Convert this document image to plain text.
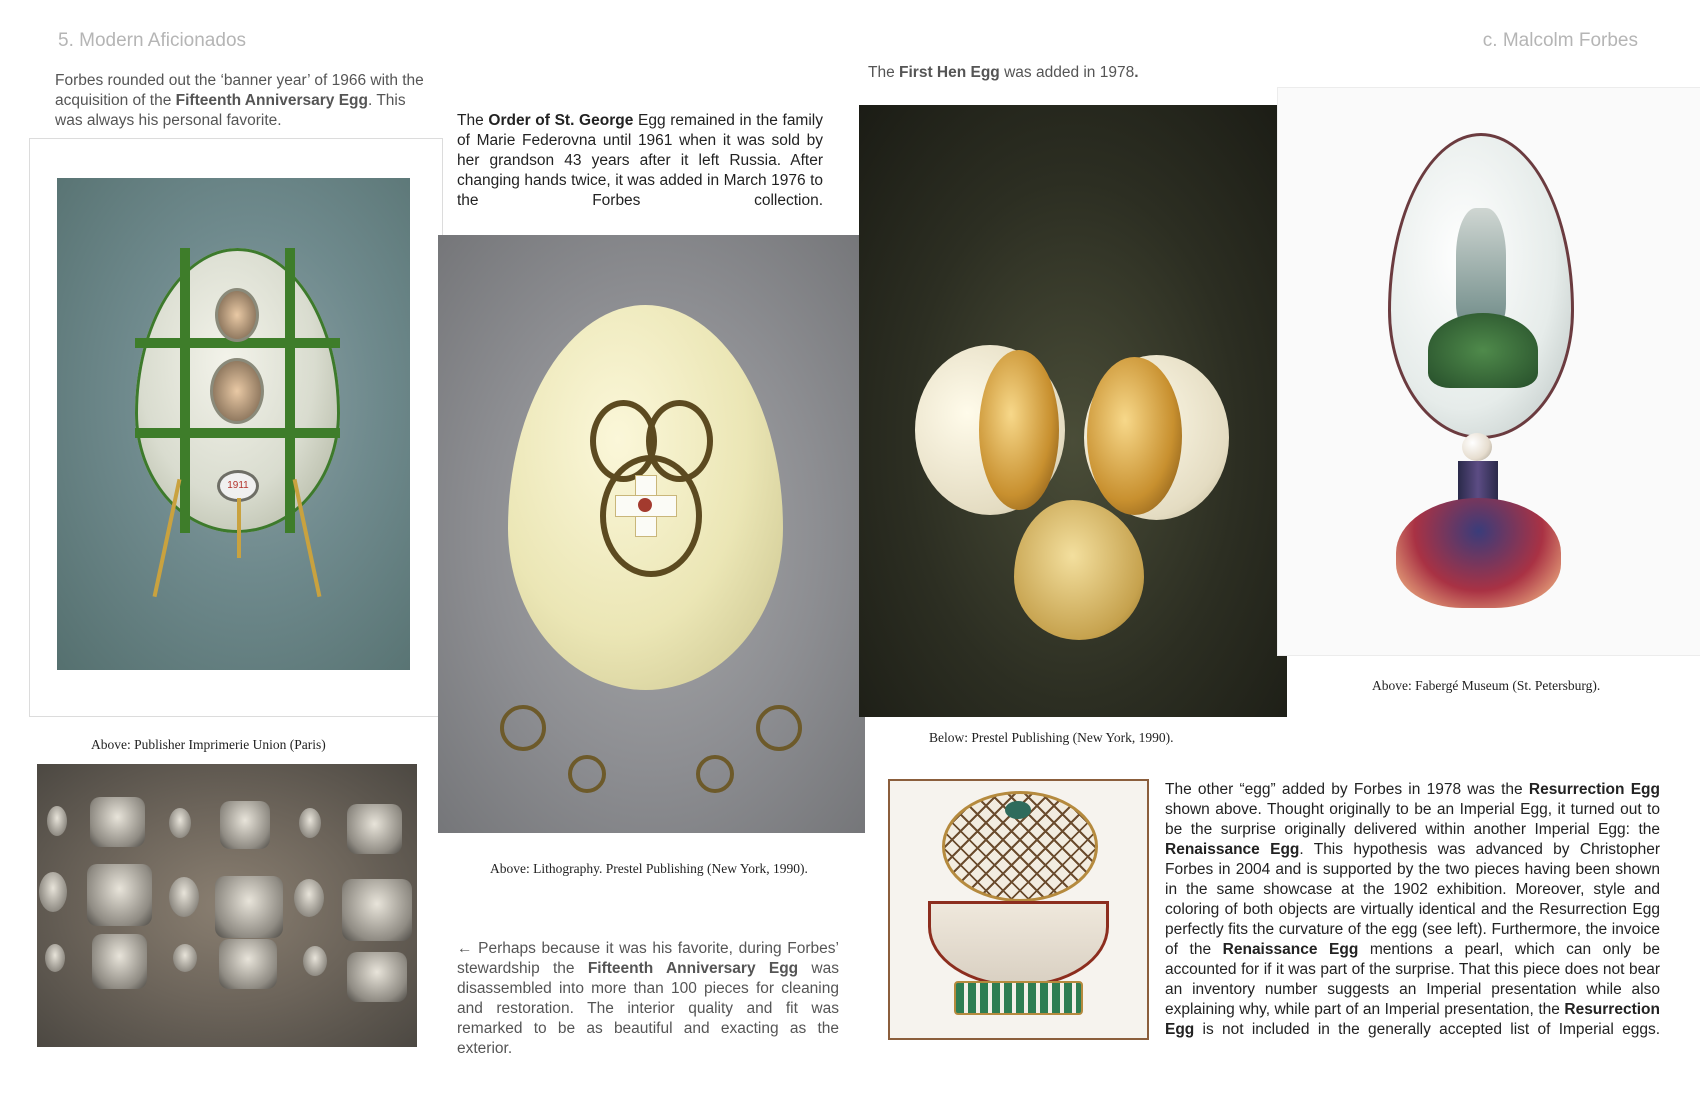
5. Modern Aficionados	c. Malcolm Forbes
Forbes rounded out the ‘banner year’ of 1966 with the acquisition of the Fifteenth Anniversary Egg. This was always his personal favorite.	The Order of St. George Egg remained in the family of Marie Federovna until 1961 when it was sold by her grandson 43 years after it left Russia. After changing hands twice, it was added in March 1976 to the Forbes collection.
The First Hen Egg was added in 1978.
1911
Above: Publisher Imprimerie Union (Paris)
Above: Lithography. Prestel Publishing (New York, 1990).
Below: Prestel Publishing (New York, 1990).
Above: Fabergé Museum (St. Petersburg).
← Perhaps because it was his favorite, during Forbes’ stewardship the Fifteenth Anniversary Egg was disassembled into more than 100 pieces for cleaning and restoration. The interior quality and fit was remarked to be as beautiful and exacting as the exterior.
The other “egg” added by Forbes in 1978 was the Resurrection Egg shown above. Thought originally to be an Imperial Egg, it turned out to be the surprise originally delivered within another Imperial Egg: the Renaissance Egg. This hypothesis was advanced by Christopher Forbes in 2004 and is supported by the two pieces having been shown in the same showcase at the 1902 exhibition. Moreover, style and coloring of both objects are virtually identical and the Resurrection Egg perfectly fits the curvature of the egg (see left). Furthermore, the invoice of the Renaissance Egg mentions a pearl, which can only be accounted for if it was part of the surprise. That this piece does not bear an inventory number suggests an Imperial presentation while also explaining why, while part of an Imperial presentation, the Resurrection Egg is not included in the generally accepted list of Imperial eggs.
